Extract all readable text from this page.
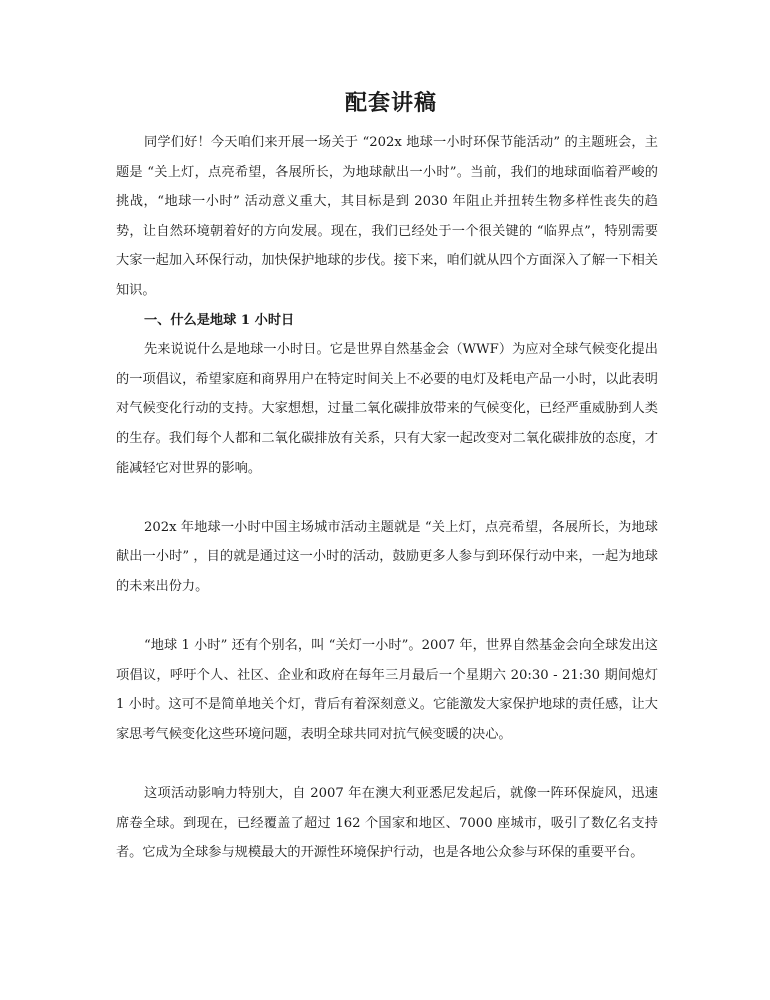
配套讲稿

同学们好！今天咱们来开展一场关于 “202x 地球一小时环保节能活动” 的主题班会，主题是 “关上灯，点亮希望，各展所长，为地球献出一小时”。当前，我们的地球面临着严峻的挑战，“地球一小时” 活动意义重大，其目标是到 2030 年阻止并扭转生物多样性丧失的趋势，让自然环境朝着好的方向发展。现在，我们已经处于一个很关键的 “临界点”，特别需要大家一起加入环保行动，加快保护地球的步伐。接下来，咱们就从四个方面深入了解一下相关知识。

一、什么是地球 1 小时日

先来说说什么是地球一小时日。它是世界自然基金会（WWF）为应对全球气候变化提出的一项倡议，希望家庭和商界用户在特定时间关上不必要的电灯及耗电产品一小时，以此表明对气候变化行动的支持。大家想想，过量二氧化碳排放带来的气候变化，已经严重威胁到人类的生存。我们每个人都和二氧化碳排放有关系，只有大家一起改变对二氧化碳排放的态度，才能减轻它对世界的影响。

202x 年地球一小时中国主场城市活动主题就是 “关上灯，点亮希望，各展所长，为地球献出一小时” ，目的就是通过这一小时的活动，鼓励更多人参与到环保行动中来，一起为地球的未来出份力。

“地球 1 小时” 还有个别名，叫 “关灯一小时”。2007 年，世界自然基金会向全球发出这项倡议，呼吁个人、社区、企业和政府在每年三月最后一个星期六 20:30 - 21:30 期间熄灯 1 小时。这可不是简单地关个灯，背后有着深刻意义。它能激发大家保护地球的责任感，让大家思考气候变化这些环境问题，表明全球共同对抗气候变暖的决心。

这项活动影响力特别大，自 2007 年在澳大利亚悉尼发起后，就像一阵环保旋风，迅速席卷全球。到现在，已经覆盖了超过 162 个国家和地区、7000 座城市，吸引了数亿名支持者。它成为全球参与规模最大的开源性环境保护行动，也是各地公众参与环保的重要平台。
